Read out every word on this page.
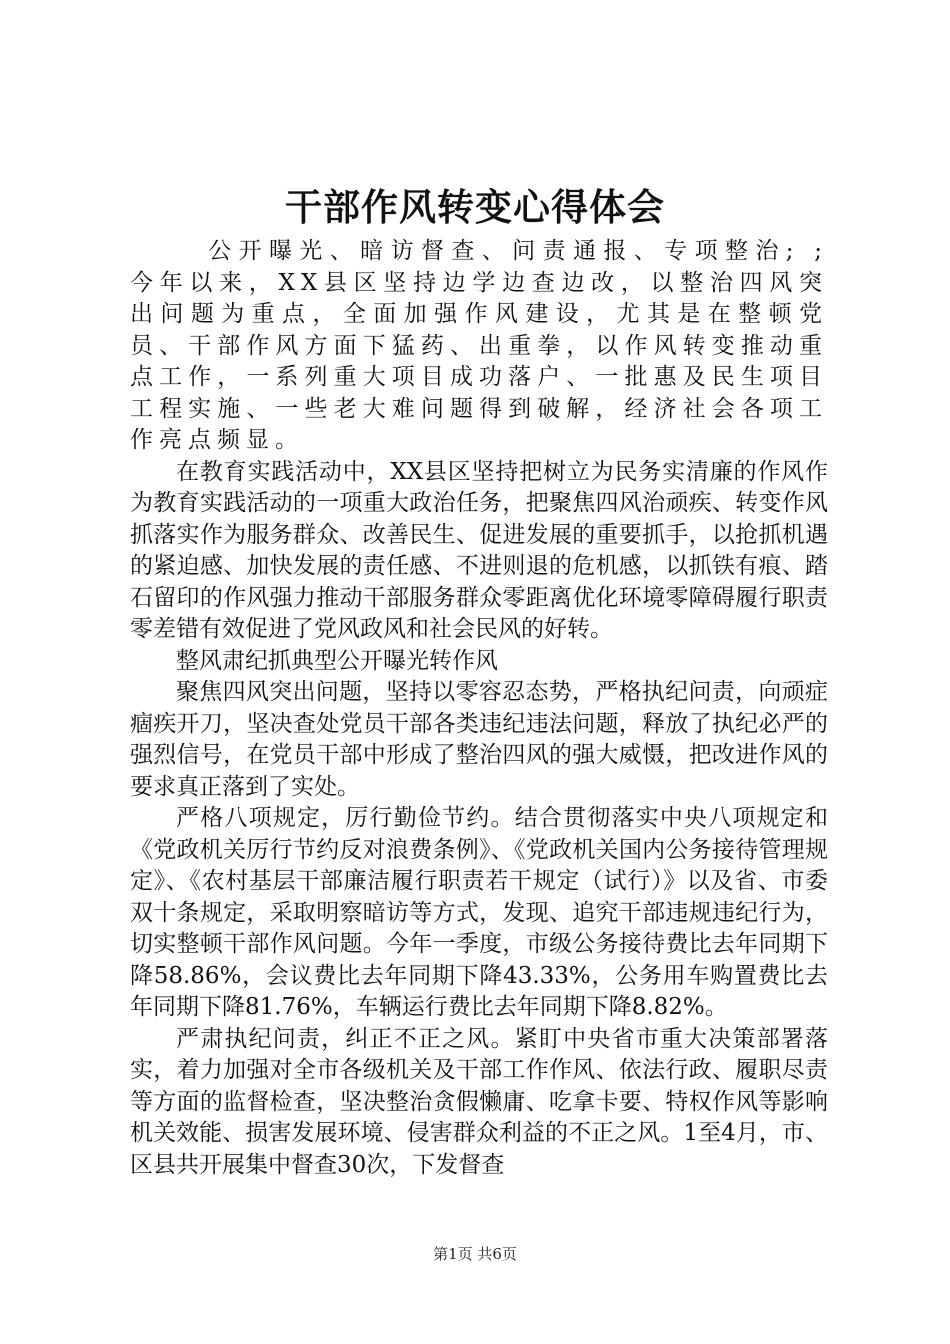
干部作风转变心得体会

公开曝光、暗访督查、问责通报、专项整治; ;今年以来，XX县区坚持边学边查边改，以整治四风突出问题为重点，全面加强作风建设，尤其是在整顿党员、干部作风方面下猛药、出重拳，以作风转变推动重点工作，一系列重大项目成功落户、一批惠及民生项目工程实施、一些老大难问题得到破解，经济社会各项工作亮点频显。

在教育实践活动中，XX县区坚持把树立为民务实清廉的作风作为教育实践活动的一项重大政治任务，把聚焦四风治顽疾、转变作风抓落实作为服务群众、改善民生、促进发展的重要抓手，以抢抓机遇的紧迫感、加快发展的责任感、不进则退的危机感，以抓铁有痕、踏石留印的作风强力推动干部服务群众零距离优化环境零障碍履行职责零差错有效促进了党风政风和社会民风的好转。

整风肃纪抓典型公开曝光转作风

聚焦四风突出问题，坚持以零容忍态势，严格执纪问责，向顽症痼疾开刀，坚决查处党员干部各类违纪违法问题，释放了执纪必严的强烈信号，在党员干部中形成了整治四风的强大威慑，把改进作风的要求真正落到了实处。

严格八项规定，厉行勤俭节约。结合贯彻落实中央八项规定和《党政机关厉行节约反对浪费条例》、《党政机关国内公务接待管理规定》、《农村基层干部廉洁履行职责若干规定（试行）》以及省、市委双十条规定，采取明察暗访等方式，发现、追究干部违规违纪行为，切实整顿干部作风问题。今年一季度，市级公务接待费比去年同期下降58.86%，会议费比去年同期下降43.33%，公务用车购置费比去年同期下降81.76%，车辆运行费比去年同期下降8.82%。

严肃执纪问责，纠正不正之风。紧盯中央省市重大决策部署落实，着力加强对全市各级机关及干部工作作风、依法行政、履职尽责等方面的监督检查，坚决整治贪假懒庸、吃拿卡要、特权作风等影响机关效能、损害发展环境、侵害群众利益的不正之风。1至4月，市、区县共开展集中督查30次，下发督查

第1页 共6页
